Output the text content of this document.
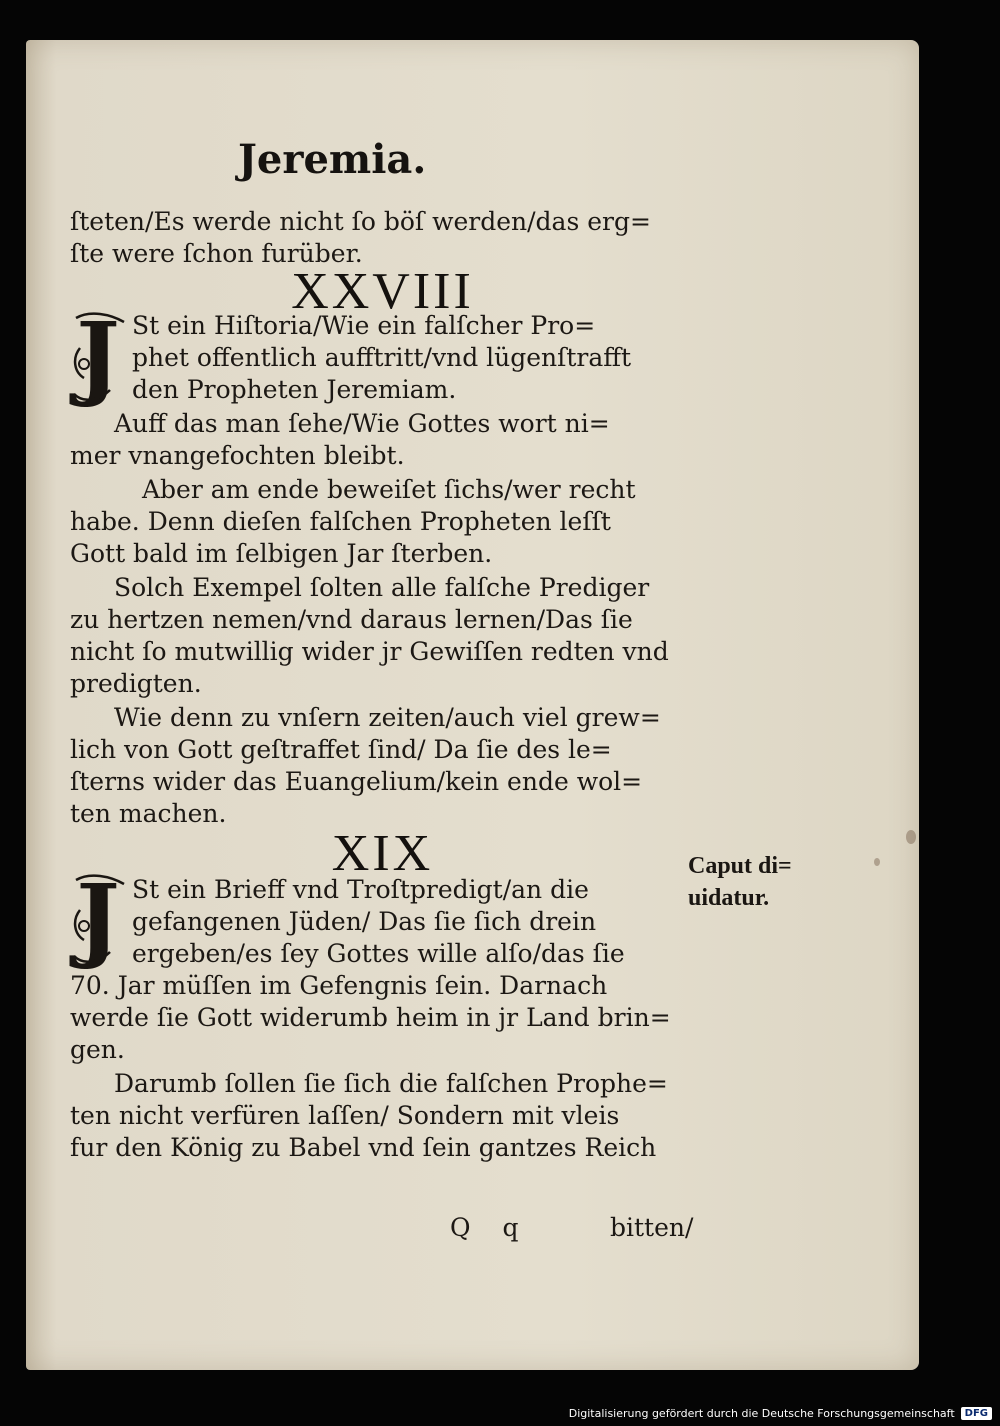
Jeremia.
ſteten/Es werde nicht ſo böſ werden/das erg=
ſte were ſchon furüber.
XXVIII
J St ein Hiſtoria/Wie ein falſcher Pro=
phet offentlich aufftritt/vnd lügenſtrafft
den Propheten Jeremiam.
Auff das man ſehe/Wie Gottes wort ni=
mer vnangefochten bleibt.
Aber am ende beweiſet ſichs/wer recht
habe. Denn dieſen falſchen Propheten leſſt
Gott bald im ſelbigen Jar ſterben.
Solch Exempel ſolten alle falſche Prediger
zu hertzen nemen/vnd daraus lernen/Das ſie
nicht ſo mutwillig wider jr Gewiſſen redten vnd
predigten.
Wie denn zu vnſern zeiten/auch viel grew=
lich von Gott geſtraffet ſind/ Da ſie des le=
ſterns wider das Euangelium/kein ende wol=
ten machen.
XIX
J St ein Brieff vnd Troſtpredigt/an die
gefangenen Jüden/ Das ſie ſich drein
ergeben/es ſey Gottes wille alſo/das ſie
70. Jar müſſen im Gefengnis ſein. Darnach
werde ſie Gott widerumb heim in jr Land brin=
gen.
Darumb ſollen ſie ſich die falſchen Prophe=
ten nicht verfüren laſſen/ Sondern mit vleis
fur den König zu Babel vnd ſein gantzes Reich
Q q	bitten/
Caput di=
uidatur.
Digitalisierung gefördert durch die Deutsche Forschungsgemeinschaft	DFG
